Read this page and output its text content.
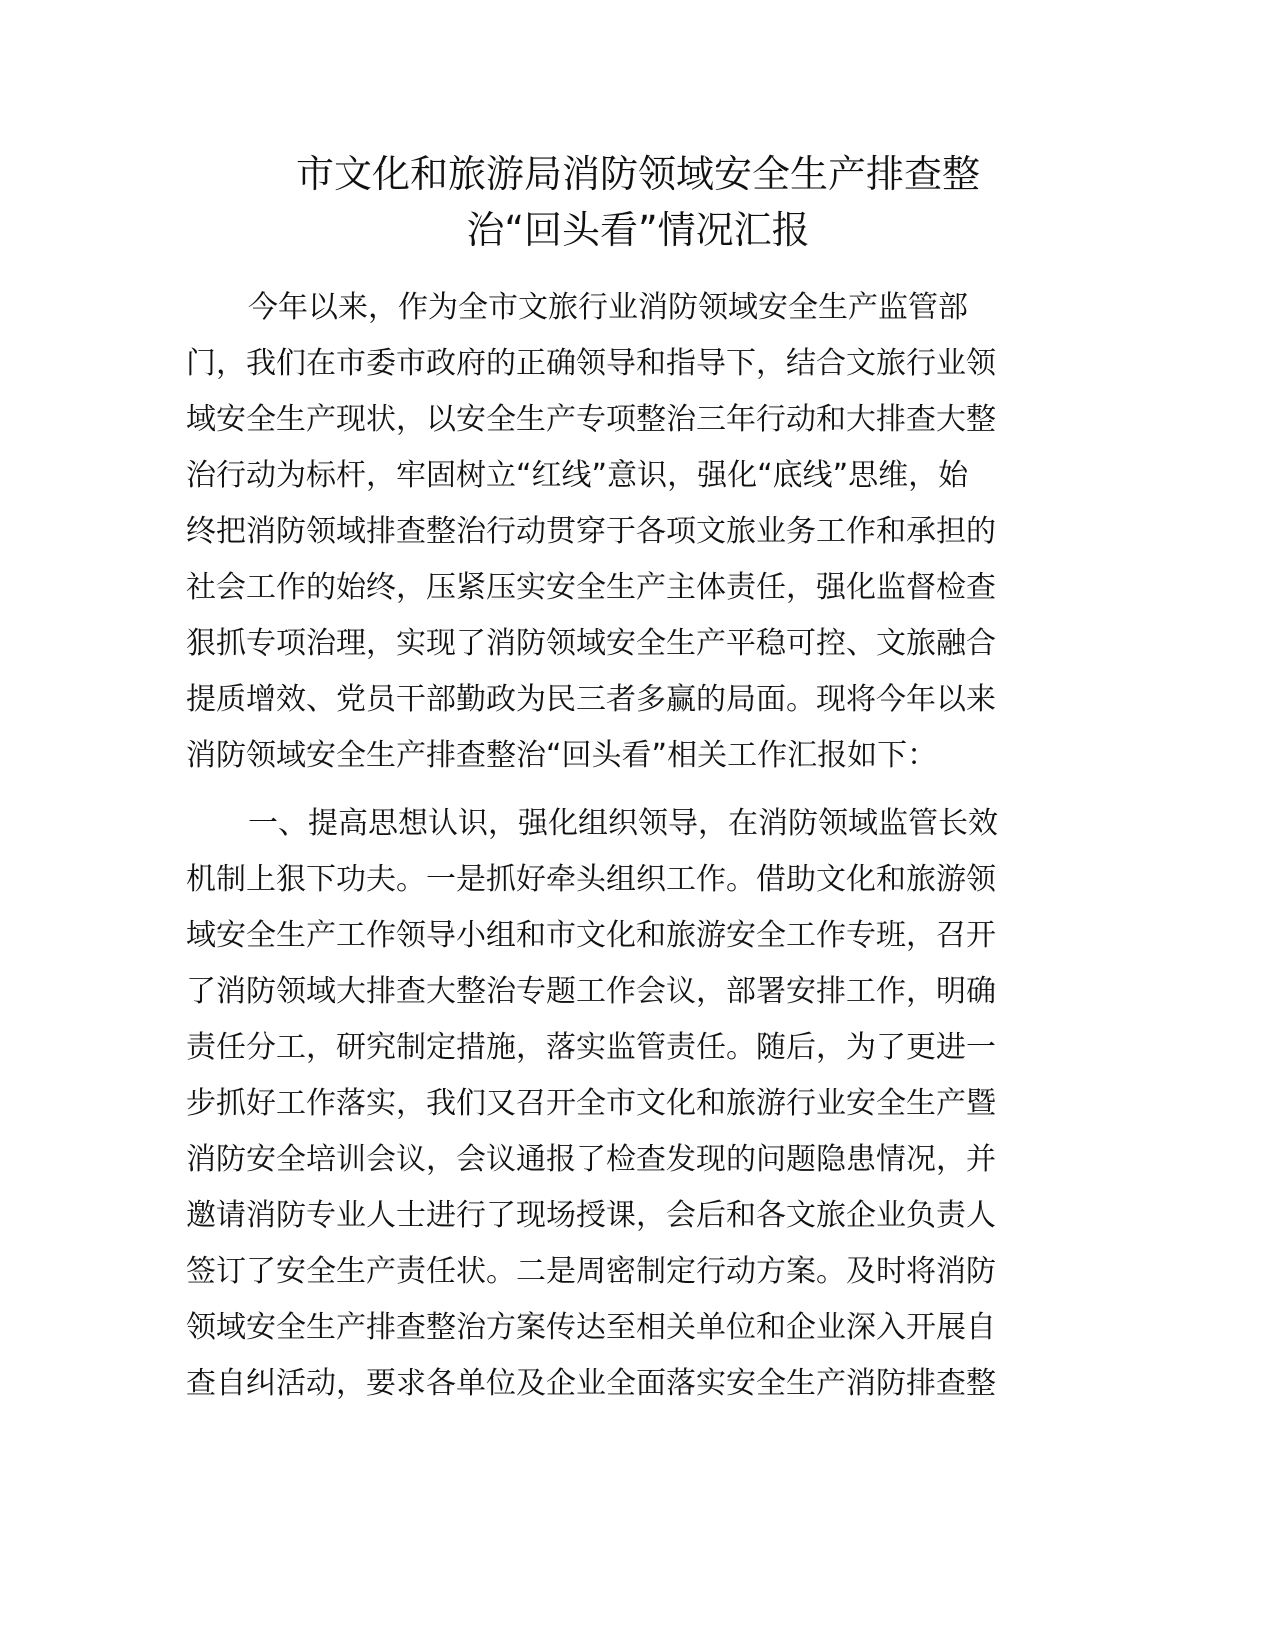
市文化和旅游局消防领域安全生产排查整
治“回头看”情况汇报

今年以来，作为全市文旅行业消防领域安全生产监管部
门，我们在市委市政府的正确领导和指导下，结合文旅行业领
域安全生产现状，以安全生产专项整治三年行动和大排查大整
治行动为标杆，牢固树立“红线”意识，强化“底线”思维，始
终把消防领域排查整治行动贯穿于各项文旅业务工作和承担的
社会工作的始终，压紧压实安全生产主体责任，强化监督检查
狠抓专项治理，实现了消防领域安全生产平稳可控、文旅融合
提质增效、党员干部勤政为民三者多赢的局面。现将今年以来
消防领域安全生产排查整治“回头看”相关工作汇报如下：

一、提高思想认识，强化组织领导，在消防领域监管长效
机制上狠下功夫。一是抓好牵头组织工作。借助文化和旅游领
域安全生产工作领导小组和市文化和旅游安全工作专班，召开
了消防领域大排查大整治专题工作会议，部署安排工作，明确
责任分工，研究制定措施，落实监管责任。随后，为了更进一
步抓好工作落实，我们又召开全市文化和旅游行业安全生产暨
消防安全培训会议，会议通报了检查发现的问题隐患情况，并
邀请消防专业人士进行了现场授课，会后和各文旅企业负责人
签订了安全生产责任状。二是周密制定行动方案。及时将消防
领域安全生产排查整治方案传达至相关单位和企业深入开展自
查自纠活动，要求各单位及企业全面落实安全生产消防排查整
